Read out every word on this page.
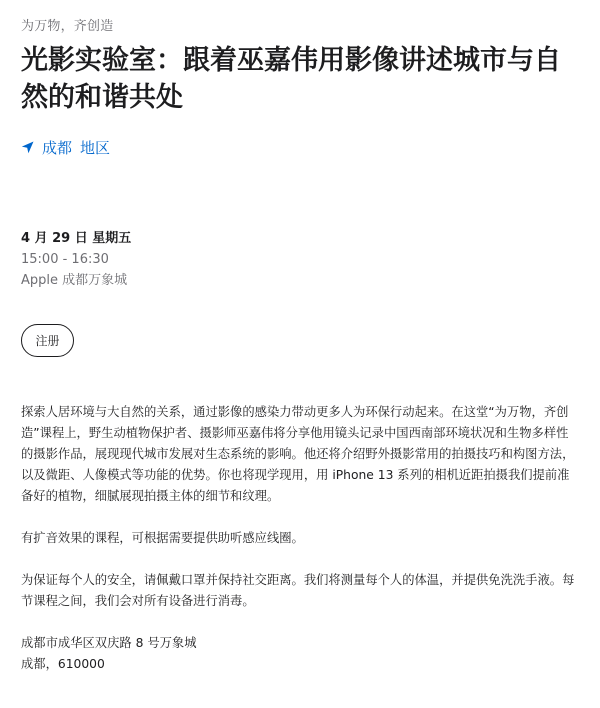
为万物，齐创造
光影实验室：跟着巫嘉伟用影像讲述城市与自然的和谐共处
成都 地区
4 月 29 日 星期五
15:00 - 16:30
Apple 成都万象城
注册

探索人居环境与大自然的关系，通过影像的感染力带动更多人为环保行动起来。在这堂“为万物，齐创造”课程上，野生动植物保护者、摄影师巫嘉伟将分享他用镜头记录中国西南部环境状况和生物多样性的摄影作品，展现现代城市发展对生态系统的影响。他还将介绍野外摄影常用的拍摄技巧和构图方法，以及微距、人像模式等功能的优势。你也将现学现用，用 iPhone 13 系列的相机近距拍摄我们提前准备好的植物，细腻展现拍摄主体的细节和纹理。

有扩音效果的课程，可根据需要提供助听感应线圈。

为保证每个人的安全，请佩戴口罩并保持社交距离。我们将测量每个人的体温，并提供免洗洗手液。每节课程之间，我们会对所有设备进行消毒。

成都市成华区双庆路 8 号万象城

成都，610000
